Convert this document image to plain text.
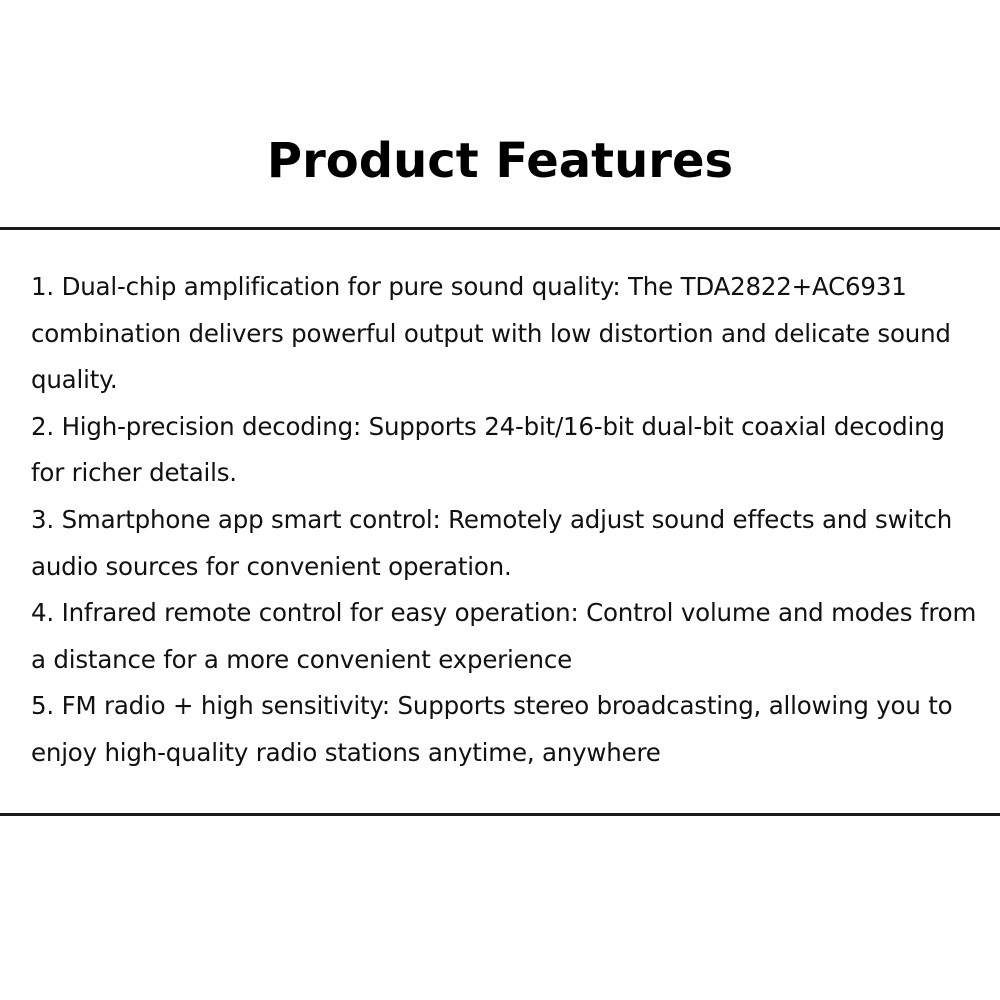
Product Features
1. Dual-chip amplification for pure sound quality: The TDA2822+AC6931 combination delivers powerful output with low distortion and delicate sound quality.
2. High-precision decoding: Supports 24-bit/16-bit dual-bit coaxial decoding for richer details.
3. Smartphone app smart control: Remotely adjust sound effects and switch audio sources for convenient operation.
4. Infrared remote control for easy operation: Control volume and modes from a distance for a more convenient experience
5. FM radio + high sensitivity: Supports stereo broadcasting, allowing you to enjoy high-quality radio stations anytime, anywhere
